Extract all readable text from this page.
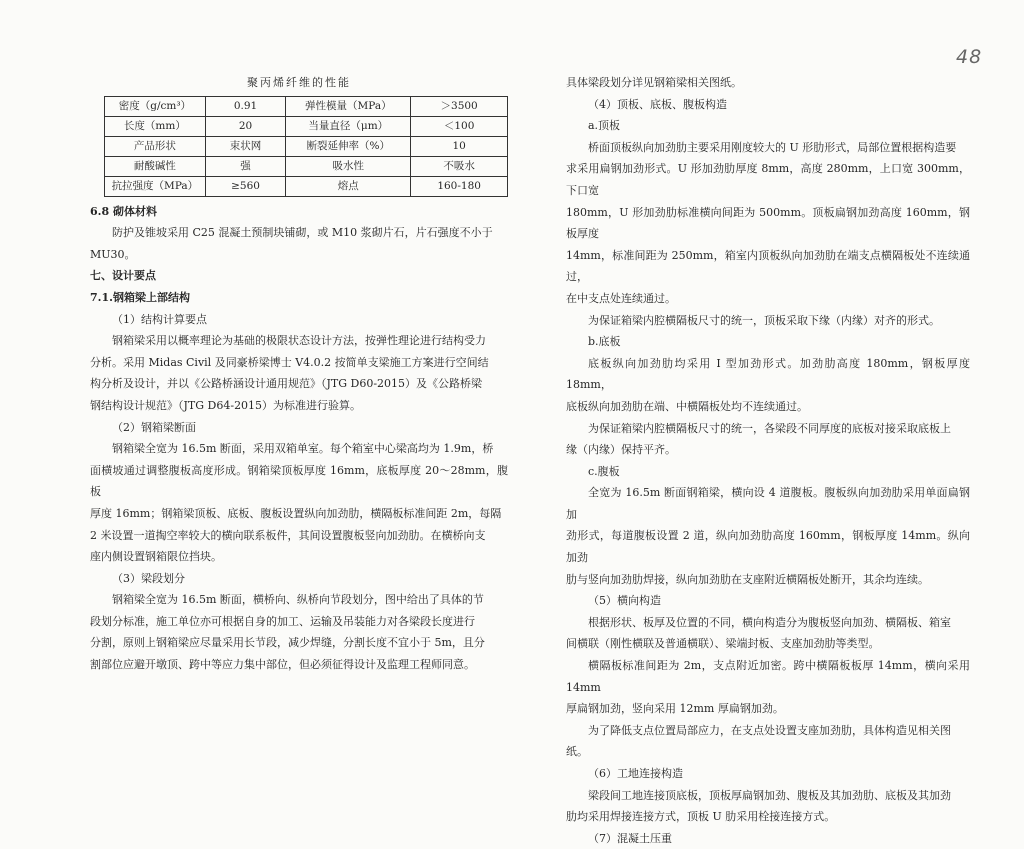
48
聚丙烯纤维的性能
密度（g/cm³）	0.91	弹性模量（MPa）	＞3500
长度（mm）	20	当量直径（μm）	＜100
产品形状	束状网	断裂延伸率（%）	10
耐酸碱性	强	吸水性	不吸水
抗拉强度（MPa）	≥560	熔点	160-180

6.8 砌体材料

防护及锥坡采用 C25 混凝土预制块铺砌，或 M10 浆砌片石，片石强度不小于

MU30。

七、设计要点

7.1.钢箱梁上部结构

（1）结构计算要点

钢箱梁采用以概率理论为基础的极限状态设计方法，按弹性理论进行结构受力

分析。采用 Midas Civil 及同豪桥梁博士 V4.0.2 按简单支梁施工方案进行空间结

构分析及设计，并以《公路桥涵设计通用规范》（JTG D60-2015）及《公路桥梁

钢结构设计规范》（JTG D64-2015）为标准进行验算。

（2）钢箱梁断面

钢箱梁全宽为 16.5m 断面，采用双箱单室。每个箱室中心梁高均为 1.9m，桥

面横坡通过调整腹板高度形成。钢箱梁顶板厚度 16mm，底板厚度 20～28mm，腹板

厚度 16mm；钢箱梁顶板、底板、腹板设置纵向加劲肋，横隔板标准间距 2m，每隔

2 米设置一道掏空率较大的横向联系板件，其间设置腹板竖向加劲肋。在横桥向支

座内侧设置钢箱限位挡块。

（3）梁段划分

钢箱梁全宽为 16.5m 断面，横桥向、纵桥向节段划分，图中给出了具体的节

段划分标准，施工单位亦可根据自身的加工、运输及吊装能力对各梁段长度进行

分割，原则上钢箱梁应尽量采用长节段，减少焊缝，分割长度不宜小于 5m，且分

割部位应避开墩顶、跨中等应力集中部位，但必须征得设计及监理工程师同意。

具体梁段划分详见钢箱梁相关图纸。

（4）顶板、底板、腹板构造

a.顶板

桥面顶板纵向加劲肋主要采用刚度较大的 U 形肋形式，局部位置根据构造要

求采用扁钢加劲形式。U 形加劲肋厚度 8mm，高度 280mm，上口宽 300mm，下口宽

180mm，U 形加劲肋标准横向间距为 500mm。顶板扁钢加劲高度 160mm，钢板厚度

14mm，标准间距为 250mm，箱室内顶板纵向加劲肋在端支点横隔板处不连续通过，

在中支点处连续通过。

为保证箱梁内腔横隔板尺寸的统一，顶板采取下缘（内缘）对齐的形式。

b.底板

底板纵向加劲肋均采用 I 型加劲形式。加劲肋高度 180mm，钢板厚度 18mm，

底板纵向加劲肋在端、中横隔板处均不连续通过。

为保证箱梁内腔横隔板尺寸的统一，各梁段不同厚度的底板对接采取底板上

缘（内缘）保持平齐。

c.腹板

全宽为 16.5m 断面钢箱梁，横向设 4 道腹板。腹板纵向加劲肋采用单面扁钢加

劲形式，每道腹板设置 2 道，纵向加劲肋高度 160mm，钢板厚度 14mm。纵向加劲

肋与竖向加劲肋焊接，纵向加劲肋在支座附近横隔板处断开，其余均连续。

（5）横向构造

根据形状、板厚及位置的不同，横向构造分为腹板竖向加劲、横隔板、箱室

间横联（刚性横联及普通横联）、梁端封板、支座加劲肋等类型。

横隔板标准间距为 2m，支点附近加密。跨中横隔板板厚 14mm，横向采用 14mm

厚扁钢加劲，竖向采用 12mm 厚扁钢加劲。

为了降低支点位置局部应力，在支点处设置支座加劲肋，具体构造见相关图

纸。

（6）工地连接构造

梁段间工地连接顶底板，顶板厚扁钢加劲、腹板及其加劲肋、底板及其加劲

肋均采用焊接连接方式，顶板 U 肋采用栓接连接方式。

（7）混凝土压重
